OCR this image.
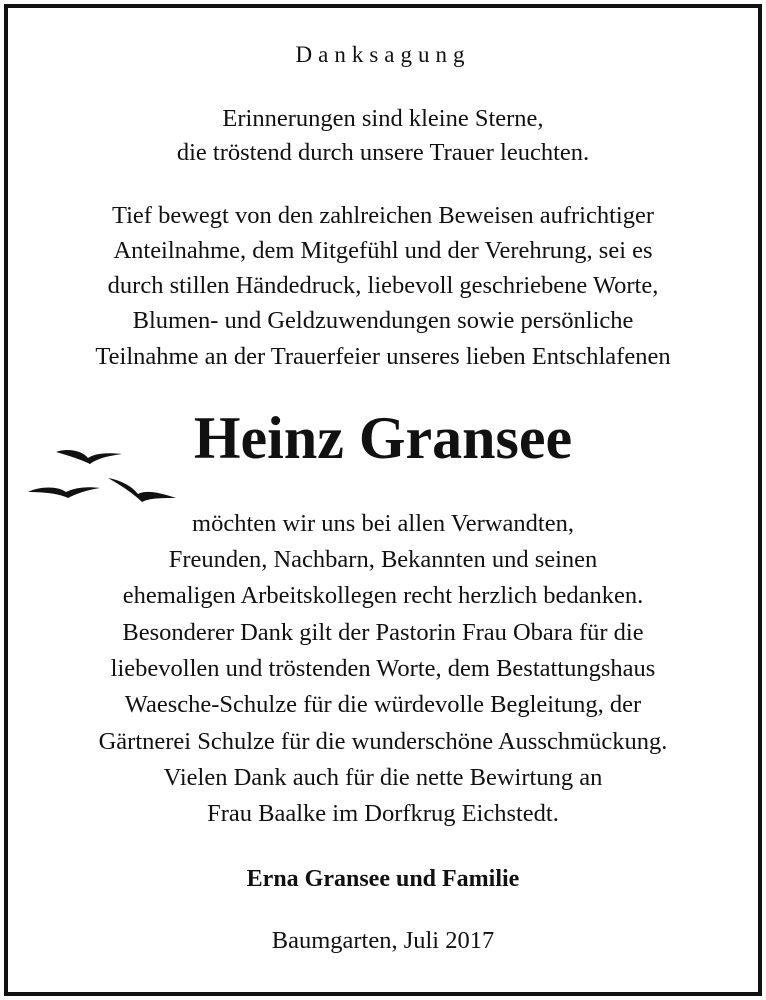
Danksagung
Erinnerungen sind kleine Sterne,
die tröstend durch unsere Trauer leuchten.
Tief bewegt von den zahlreichen Beweisen aufrichtiger
Anteilnahme, dem Mitgefühl und der Verehrung, sei es
durch stillen Händedruck, liebevoll geschriebene Worte,
Blumen- und Geldzuwendungen sowie persönliche
Teilnahme an der Trauerfeier unseres lieben Entschlafenen
Heinz Gransee
möchten wir uns bei allen Verwandten,
Freunden, Nachbarn, Bekannten und seinen
ehemaligen Arbeitskollegen recht herzlich bedanken.
Besonderer Dank gilt der Pastorin Frau Obara für die
liebevollen und tröstenden Worte, dem Bestattungshaus
Waesche-Schulze für die würdevolle Begleitung, der
Gärtnerei Schulze für die wunderschöne Ausschmückung.
Vielen Dank auch für die nette Bewirtung an
Frau Baalke im Dorfkrug Eichstedt.
Erna Gransee und Familie
Baumgarten, Juli 2017
